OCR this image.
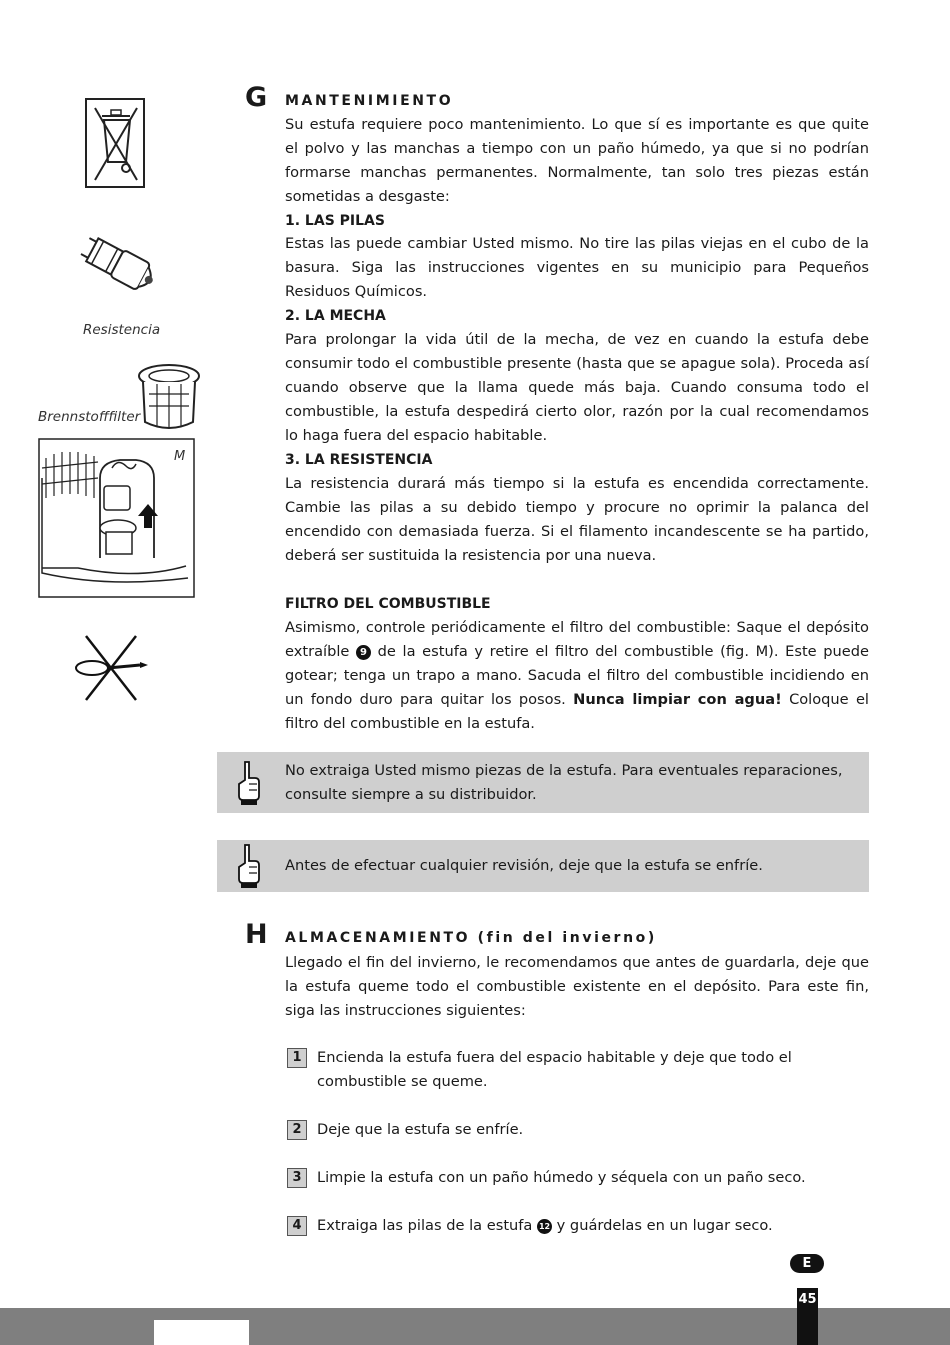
Resistencia
Brennstofffilter
M
G MANTENIMIENTO

Su estufa requiere poco mantenimiento. Lo que sí es importante es que quite el polvo y las manchas a tiempo con un paño húmedo, ya que si no podrían formarse manchas permanentes. Normalmente, tan solo tres piezas están sometidas a desgaste:

1. LAS PILAS

Estas las puede cambiar Usted mismo. No tire las pilas viejas en el cubo de la basura. Siga las instrucciones vigentes en su municipio para Pequeños Residuos Químicos.

2. LA MECHA

Para prolongar la vida útil de la mecha, de vez en cuando la estufa debe consumir todo el combustible presente (hasta que se apague sola). Proceda así cuando observe que la llama quede más baja. Cuando consuma todo el combustible, la estufa despedirá cierto olor, razón por la cual recomendamos lo haga fuera del espacio habitable.

3. LA RESISTENCIA

La resistencia durará más tiempo si la estufa es encendida correctamente. Cambie las pilas a su debido tiempo y procure no oprimir la palanca del encendido con demasiada fuerza. Si el filamento incandescente se ha partido, deberá ser sustituida la resistencia por una nueva.

FILTRO DEL COMBUSTIBLE

Asimismo, controle periódicamente el filtro del combustible: Saque el depósito extraíble 9 de la estufa y retire el filtro del combustible (fig. M). Este puede gotear; tenga un trapo a mano. Sacuda el filtro del combustible incidiendo en un fondo duro para quitar los posos. Nunca limpiar con agua! Coloque el filtro del combustible en la estufa.

No extraiga Usted mismo piezas de la estufa. Para eventuales reparaciones, consulte siempre a su distribuidor.
Antes de efectuar cualquier revisión, deje que la estufa se enfríe.
H ALMACENAMIENTO (fin del invierno)

Llegado el fin del invierno, le recomendamos que antes de guardarla, deje que la estufa queme todo el combustible existente en el depósito. Para este fin, siga las instrucciones siguientes:

1	Encienda la estufa fuera del espacio habitable y deje que todo el combustible se queme.
2	Deje que la estufa se enfríe.
3	Limpie la estufa con un paño húmedo y séquela con un paño seco.
4	Extraiga las pilas de la estufa 12 y guárdelas en un lugar seco.
E
45
